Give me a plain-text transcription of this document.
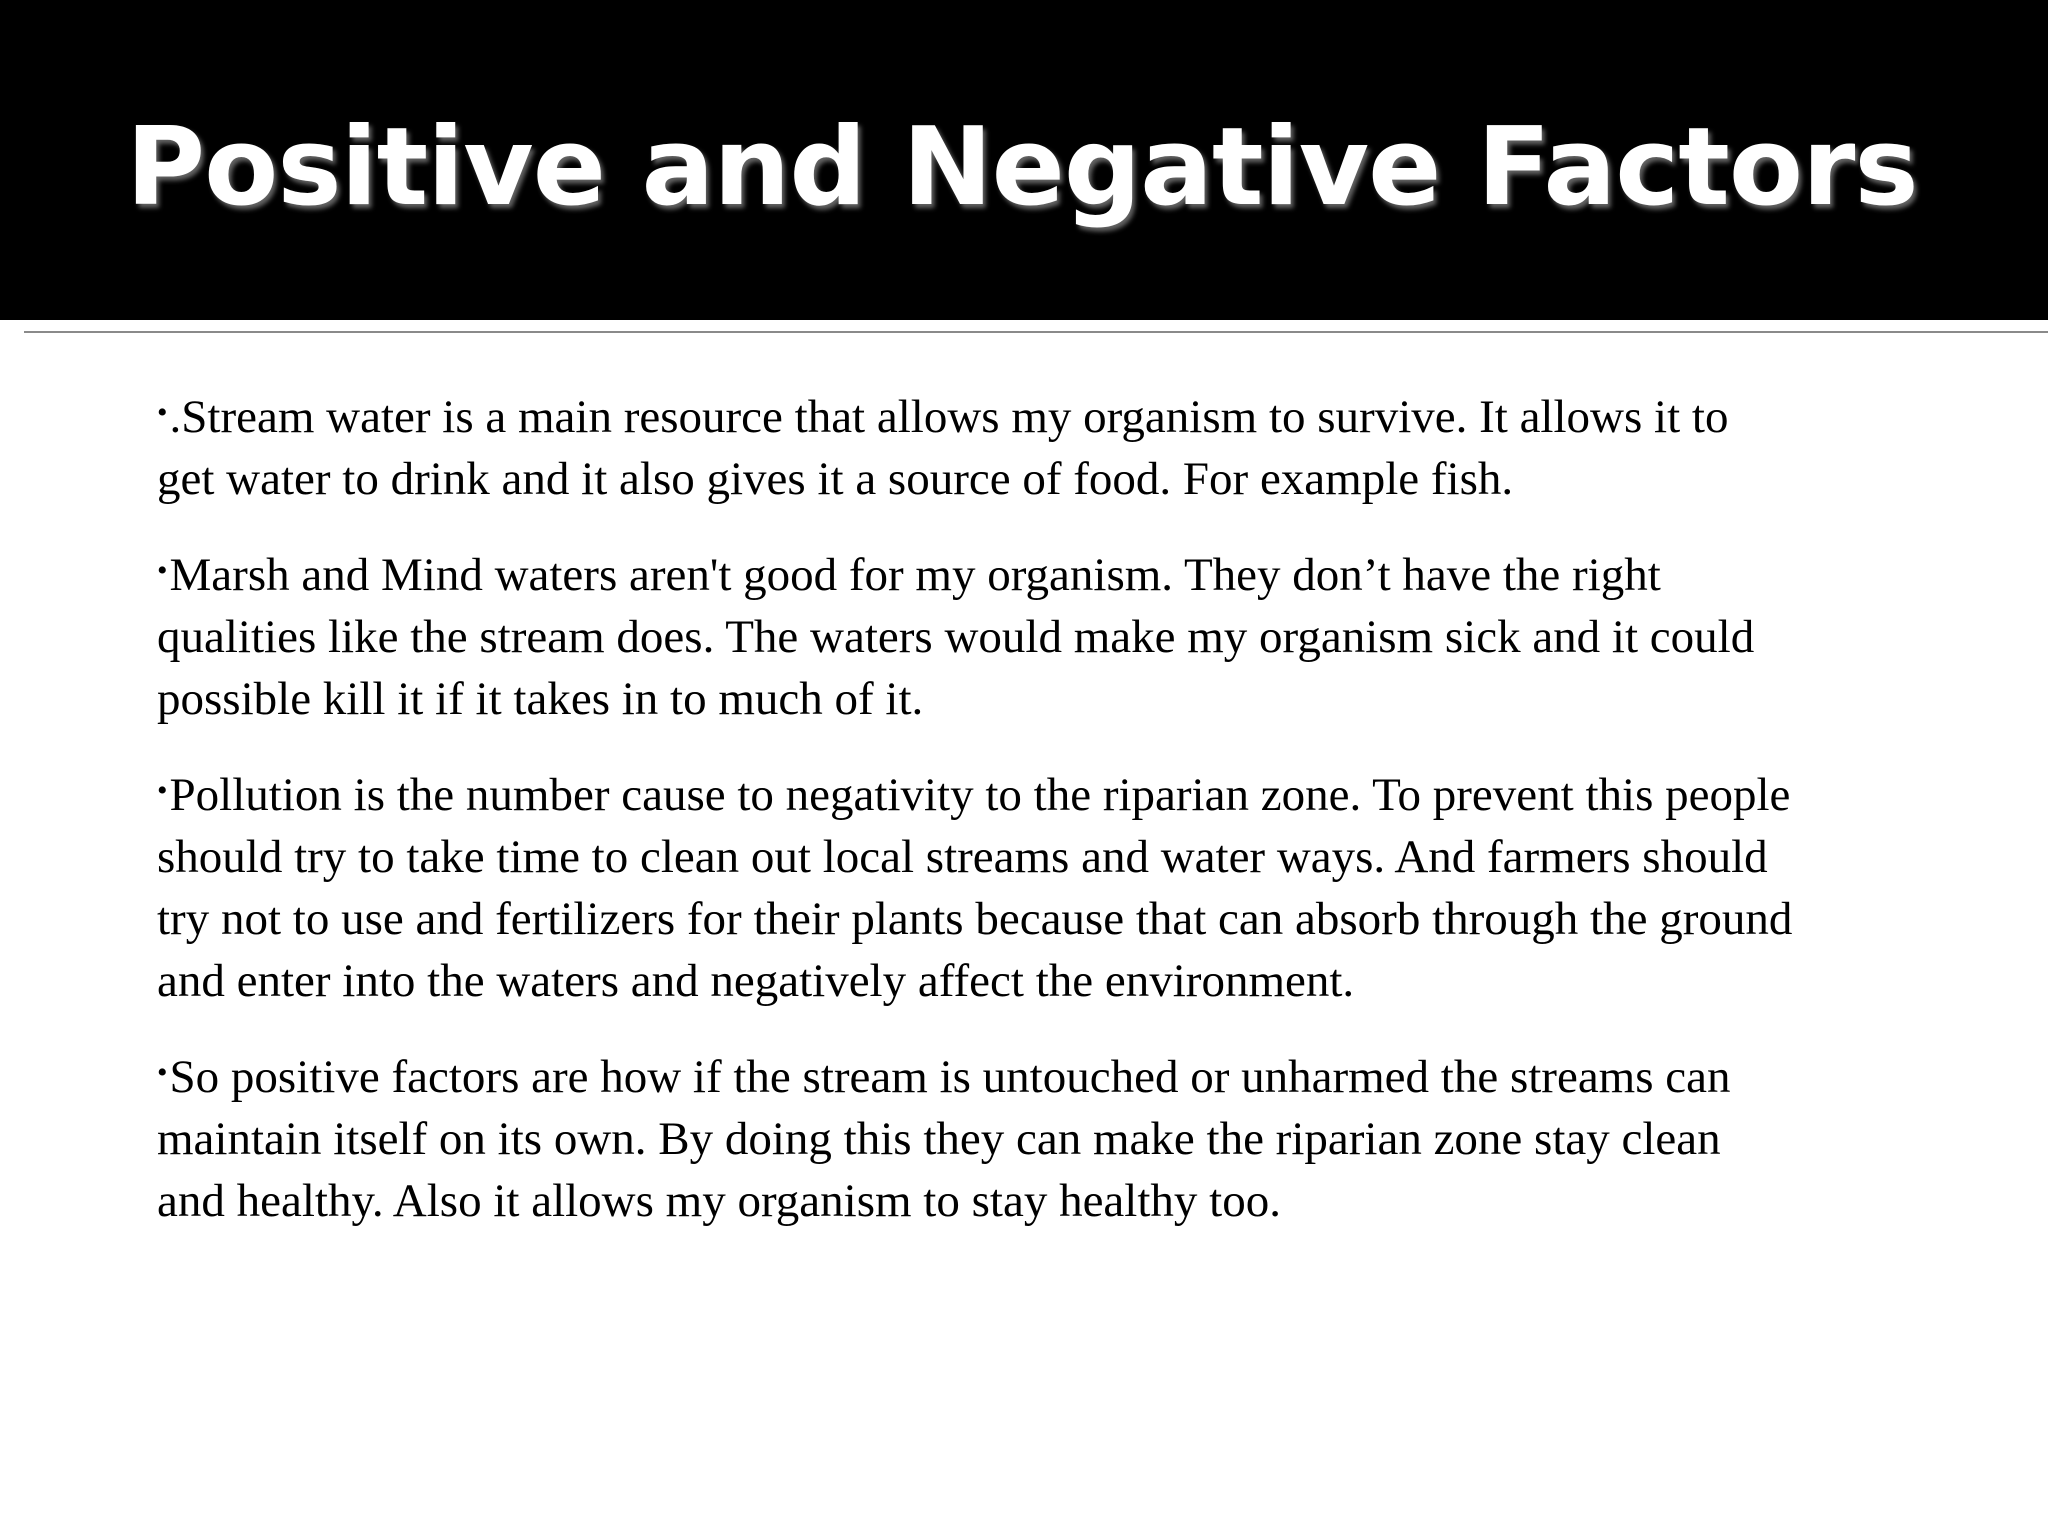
Positive and Negative Factors
•.Stream water is a main resource that allows my organism to survive. It allows it to get water to drink and it also gives it a source of food. For example fish.
•Marsh and Mind waters aren't good for my organism. They don’t have the right qualities like the stream does. The waters would make my organism sick and it could possible kill it if it takes in to much of it.
•Pollution is the number cause to negativity to the riparian zone. To prevent this people should try to take time to clean out local streams and water ways. And farmers should try not to use and fertilizers for their plants because that can absorb through the ground and enter into the waters and negatively affect the environment.
•So positive factors are how if the stream is untouched or unharmed the streams can maintain itself on its own. By doing this they can make the riparian zone stay clean and healthy. Also it allows my organism to stay healthy too.
